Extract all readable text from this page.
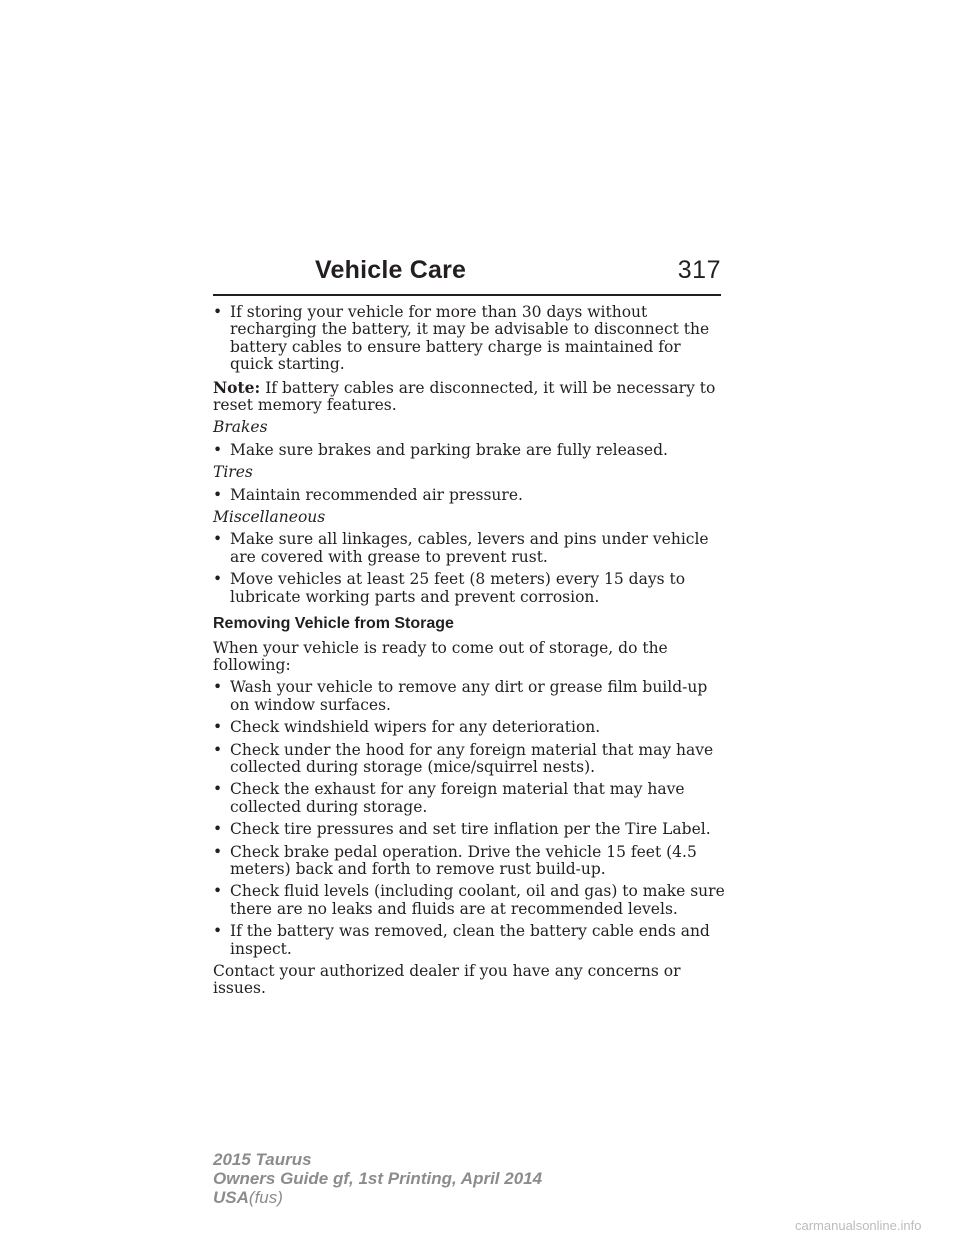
Vehicle Care	317
• If storing your vehicle for more than 30 days without recharging the battery, it may be advisable to disconnect the battery cables to ensure battery charge is maintained for quick starting.
Note: If battery cables are disconnected, it will be necessary to reset memory features.
Brakes
• Make sure brakes and parking brake are fully released.
Tires
• Maintain recommended air pressure.
Miscellaneous
• Make sure all linkages, cables, levers and pins under vehicle are covered with grease to prevent rust.
• Move vehicles at least 25 feet (8 meters) every 15 days to lubricate working parts and prevent corrosion.
Removing Vehicle from Storage
When your vehicle is ready to come out of storage, do the following:
• Wash your vehicle to remove any dirt or grease film build-up on window surfaces.
• Check windshield wipers for any deterioration.
• Check under the hood for any foreign material that may have collected during storage (mice/squirrel nests).
• Check the exhaust for any foreign material that may have collected during storage.
• Check tire pressures and set tire inflation per the Tire Label.
• Check brake pedal operation. Drive the vehicle 15 feet (4.5 meters) back and forth to remove rust build-up.
• Check fluid levels (including coolant, oil and gas) to make sure there are no leaks and fluids are at recommended levels.
• If the battery was removed, clean the battery cable ends and inspect.
Contact your authorized dealer if you have any concerns or issues.
2015 Taurus
Owners Guide gf, 1st Printing, April 2014
USA(fus)
carmanualsonline.info
